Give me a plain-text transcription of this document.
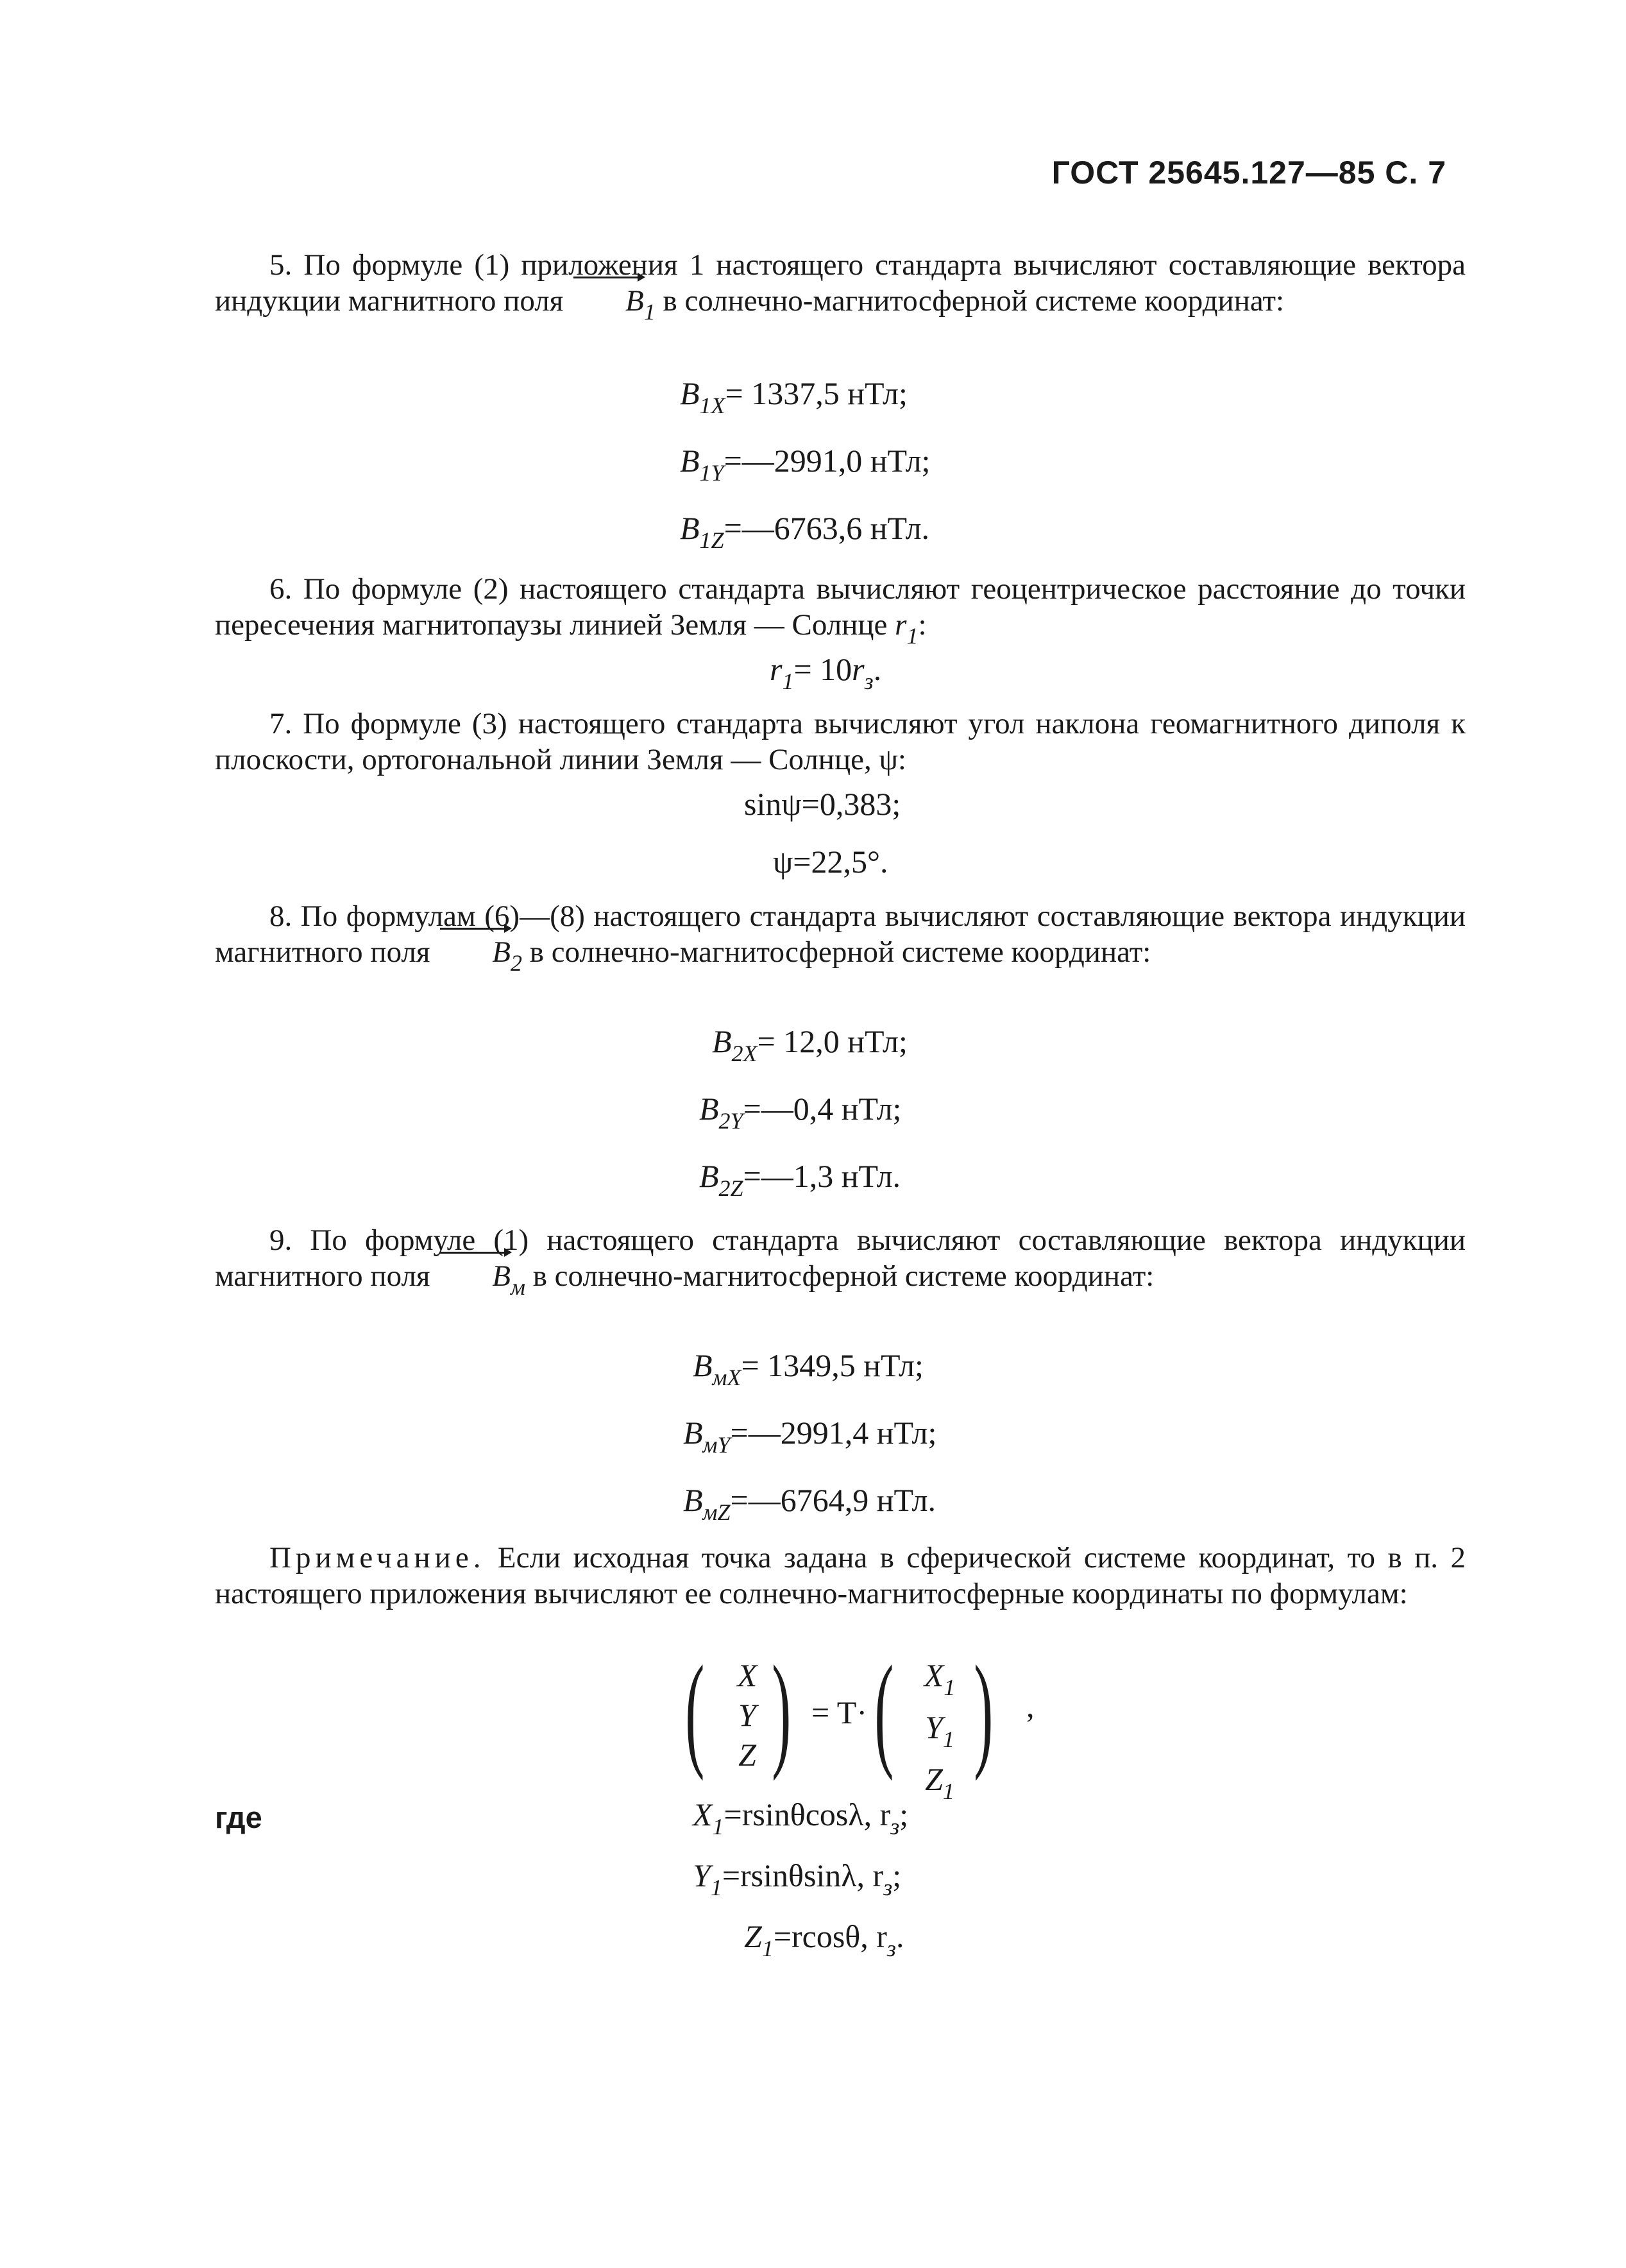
ГОСТ 25645.127—85 С. 7
5. По формуле (1) приложения 1 настоящего стандарта вычисляют составляющие вектора индукции магнитного поля $B_1$ в солнечно-магнитосферной системе координат:
$B_{1X}= 1337,5$ нТл;
$B_{1Y}=—2991,0$ нТл;
$B_{1Z}=—6763,6$ нТл.
6. По формуле (2) настоящего стандарта вычисляют геоцентрическое расстояние до точки пересечения магнитопаузы линией Земля — Солнце $r_1$:
$r_1= 10r_з$.
7. По формуле (3) настоящего стандарта вычисляют угол наклона геомагнитного диполя к плоскости, ортогональной линии Земля — Солнце, ψ:
sinψ=0,383;
ψ=22,5°.
8. По формулам (6)—(8) настоящего стандарта вычисляют составляющие вектора индукции магнитного поля $B_2$ в солнечно-магнитосферной системе координат:
$B_{2X}= 12,0$ нТл;
$B_{2Y}=—0,4$ нТл;
$B_{2Z}=—1,3$ нТл.
9. По формуле (1) настоящего стандарта вычисляют составляющие вектора индукции магнитного поля $B_м$ в солнечно-магнитосферной системе координат:
$B_{мX}= 1349,5$ нТл;
$B_{мY}=—2991,4$ нТл;
$B_{мZ}=—6764,9$ нТл.
Примечание. Если исходная точка задана в сферической системе координат, то в п. 2 настоящего приложения вычисляют ее солнечно-магнитосферные координаты по формулам:
( X
Y
Z ) = T· ( $X_1$
$Y_1$
$Z_1$
) ,
где	$X_1=rsin\theta\cos\lambda$, $r_з$;
$Y_1=rsin\theta\sin\lambda$, $r_з$;
$Z_1=rcos\theta$, $r_з$.
